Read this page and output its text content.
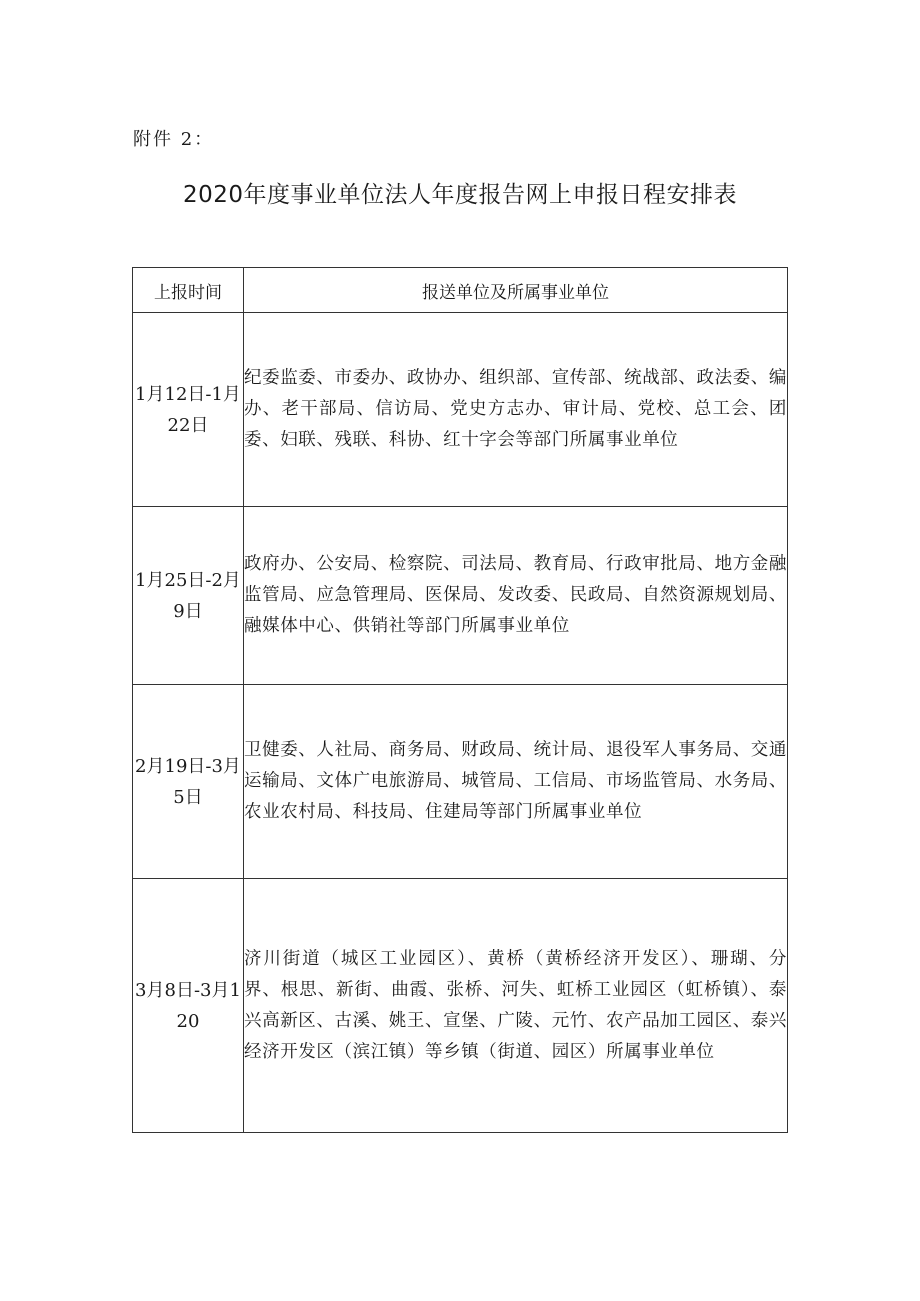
附件 2：
2020年度事业单位法人年度报告网上申报日程安排表
上报时间	报送单位及所属事业单位
1月12日-1月22日	纪委监委、市委办、政协办、组织部、宣传部、统战部、政法委、编办、老干部局、信访局、党史方志办、审计局、党校、总工会、团委、妇联、残联、科协、红十字会等部门所属事业单位
1月25日-2月9日	政府办、公安局、检察院、司法局、教育局、行政审批局、地方金融监管局、应急管理局、医保局、发改委、民政局、自然资源规划局、融媒体中心、供销社等部门所属事业单位
2月19日-3月5日	卫健委、人社局、商务局、财政局、统计局、退役军人事务局、交通运输局、文体广电旅游局、城管局、工信局、市场监管局、水务局、农业农村局、科技局、住建局等部门所属事业单位
3月8日-3月120	济川街道（城区工业园区）、黄桥（黄桥经济开发区）、珊瑚、分界、根思、新街、曲霞、张桥、河失、虹桥工业园区（虹桥镇）、泰兴高新区、古溪、姚王、宣堡、广陵、元竹、农产品加工园区、泰兴经济开发区（滨江镇）等乡镇（街道、园区）所属事业单位
